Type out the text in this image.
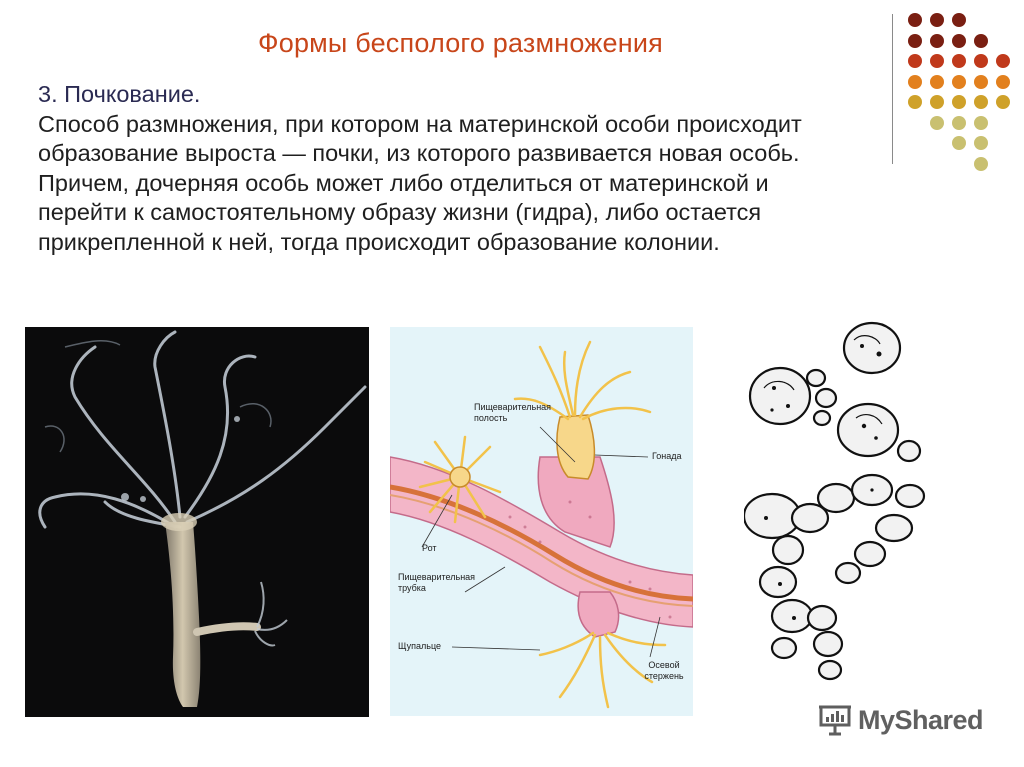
Формы бесполого размножения
3. Почкование.
Способ размножения, при котором на материнской особи происходит
образование выроста — почки, из которого развивается новая особь.
Причем, дочерняя особь может либо отделиться от материнской и
перейти к самостоятельному образу жизни (гидра), либо остается
прикрепленной к ней, тогда происходит образование колонии.
Пищеварительная полость
Гонада
Рот
Пищеварительная трубка
Щупальце
Осевой стержень
MyShared
